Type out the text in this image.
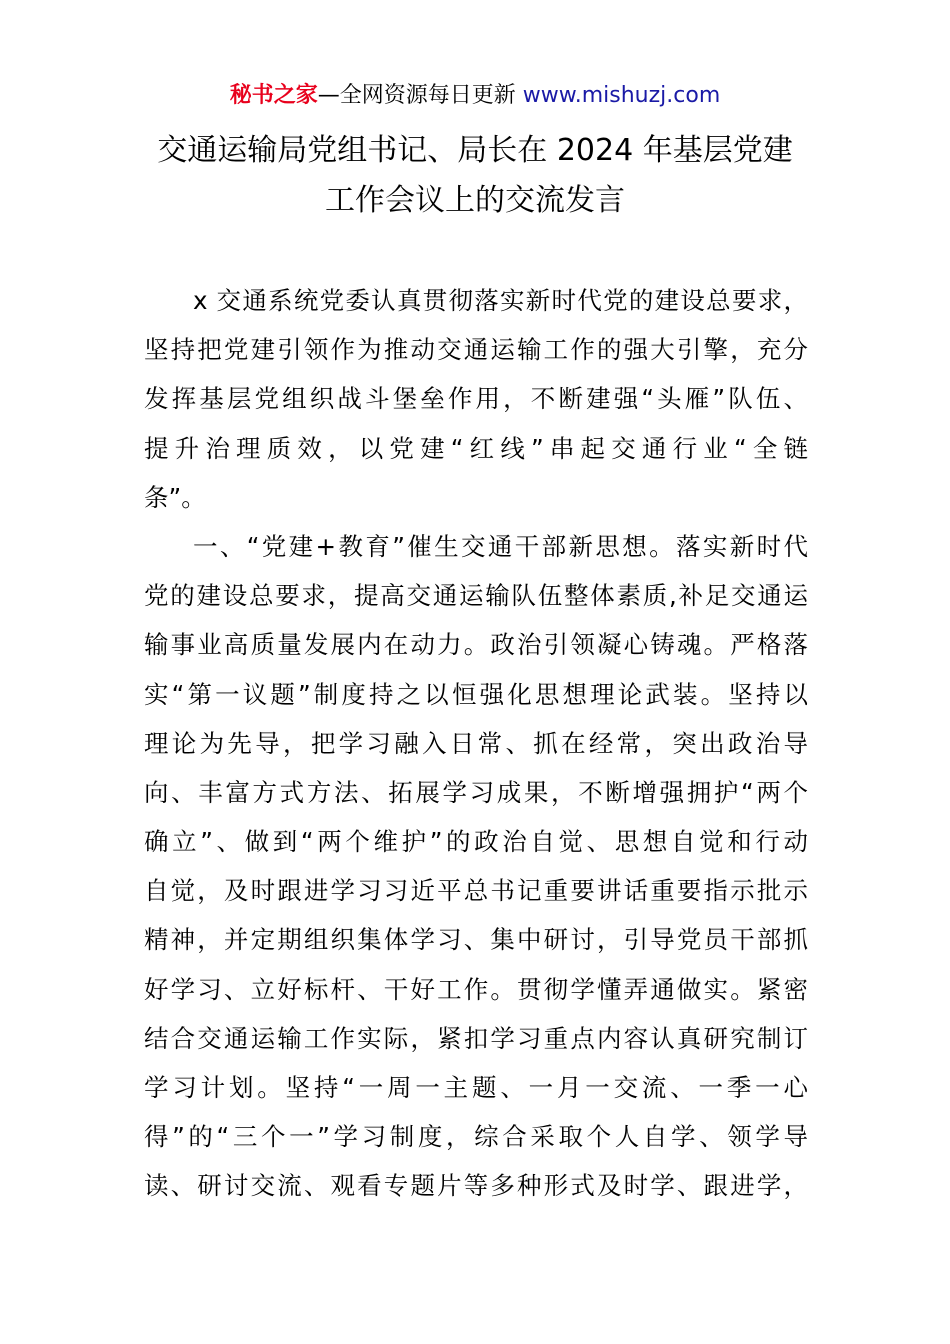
秘书之家—全网资源每日更新 www.mishuzj.com
交通运输局党组书记、局长在 2024 年基层党建
工作会议上的交流发言
x 交通系统党委认真贯彻落实新时代党的建设总要求，
坚持把党建引领作为推动交通运输工作的强大引擎，充分
发挥基层党组织战斗堡垒作用，不断建强“头雁”队伍、
提升治理质效，以党建“红线”串起交通行业“全链
条”。
一、“党建+教育”催生交通干部新思想。落实新时代
党的建设总要求，提高交通运输队伍整体素质,补足交通运
输事业高质量发展内在动力。政治引领凝心铸魂。严格落
实“第一议题”制度持之以恒强化思想理论武装。坚持以
理论为先导，把学习融入日常、抓在经常，突出政治导
向、丰富方式方法、拓展学习成果，不断增强拥护“两个
确立”、做到“两个维护”的政治自觉、思想自觉和行动
自觉，及时跟进学习习近平总书记重要讲话重要指示批示
精神，并定期组织集体学习、集中研讨，引导党员干部抓
好学习、立好标杆、干好工作。贯彻学懂弄通做实。紧密
结合交通运输工作实际，紧扣学习重点内容认真研究制订
学习计划。坚持“一周一主题、一月一交流、一季一心
得”的“三个一”学习制度，综合采取个人自学、领学导
读、研讨交流、观看专题片等多种形式及时学、跟进学，
